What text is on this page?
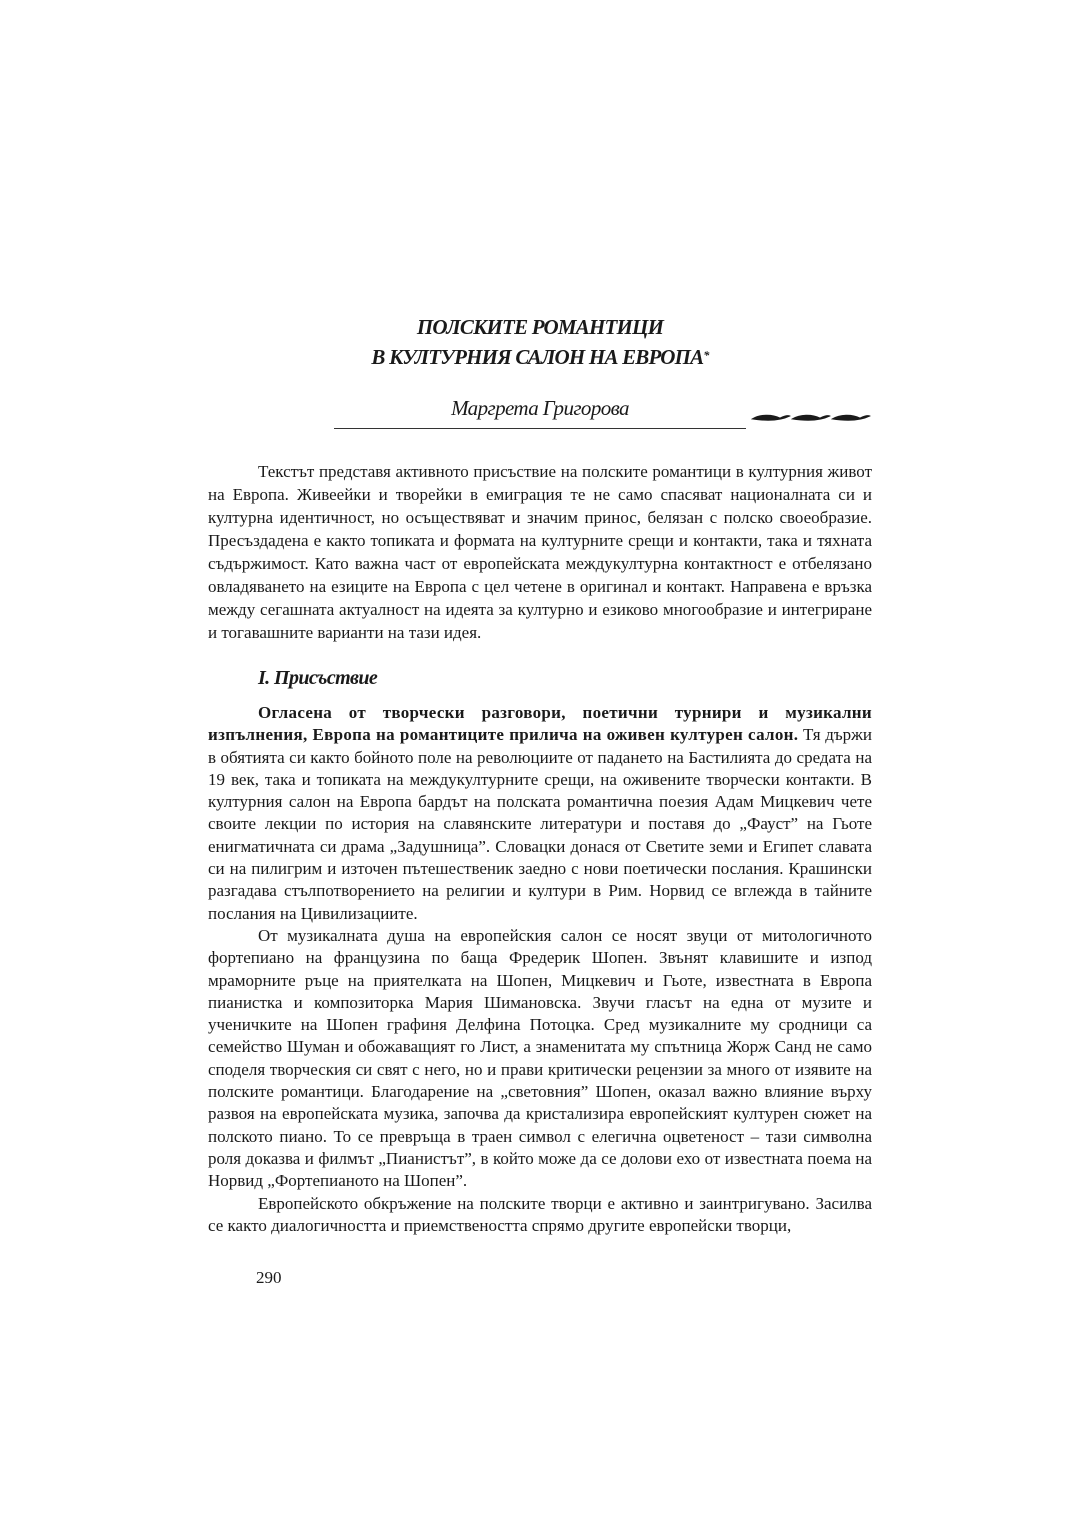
ПОЛСКИТЕ РОМАНТИЦИ
В КУЛТУРНИЯ САЛОН НА ЕВРОПА*

Маргрета Григорова

Текстът представя активното присъствие на полските романтици в културния живот на Европа. Живеейки и творейки в емиграция те не само спасяват националната си и културна идентичност, но осъществяват и значим принос, белязан с полско своеобразие. Пресъздадена е както топиката и формата на културните срещи и контакти, така и тяхната съдържимост. Като важна част от европейската междукултурна контактност е отбелязано овладяването на езиците на Европа с цел четене в оригинал и контакт. Направена е връзка между сегашната актуалност на идеята за културно и езиково многообразие и интегриране и тогавашните варианти на тази идея.

I. Присъствие

Огласена от творчески разговори, поетични турнири и музикални изпълнения, Европа на романтиците прилича на оживен културен салон. Тя държи в обятията си както бойното поле на революциите от падането на Бастилията до средата на 19 век, така и топиката на междукултурните срещи, на оживените творчески контакти. В културния салон на Европа бардът на полската романтична поезия Адам Мицкевич чете своите лекции по история на славянските литератури и поставя до „Фауст” на Гьоте енигматичната си драма „Задушница”. Словацки донася от Светите земи и Египет славата си на пилигрим и източен пътешественик заедно с нови поетически послания. Крашински разгадава стълпотворението на религии и култури в Рим. Норвид се вглежда в тайните послания на Цивилизациите.

От музикалната душа на европейския салон се носят звуци от митологичното фортепиано на французина по баща Фредерик Шопен. Звънят клавишите и изпод мраморните ръце на приятелката на Шопен, Мицкевич и Гьоте, известната в Европа пианистка и композиторка Мария Шимановска. Звучи гласът на една от музите и ученичките на Шопен графиня Делфина Потоцка. Сред музикалните му сродници са семейство Шуман и обожаващият го Лист, а знаменитата му спътница Жорж Санд не само споделя творческия си свят с него, но и прави критически рецензии за много от изявите на полските романтици. Благодарение на „световния” Шопен, оказал важно влияние върху развоя на европейската музика, започва да кристализира европейският културен сюжет на полското пиано. То се превръща в траен символ с елегична оцветеност – тази символна роля доказва и филмът „Пианистът”, в който може да се долови ехо от известната поема на Норвид „Фортепианото на Шопен”.

Европейското обкръжение на полските творци е активно и заинтригувано. Засилва се както диалогичността и приемствеността спрямо другите европейски творци,

290
